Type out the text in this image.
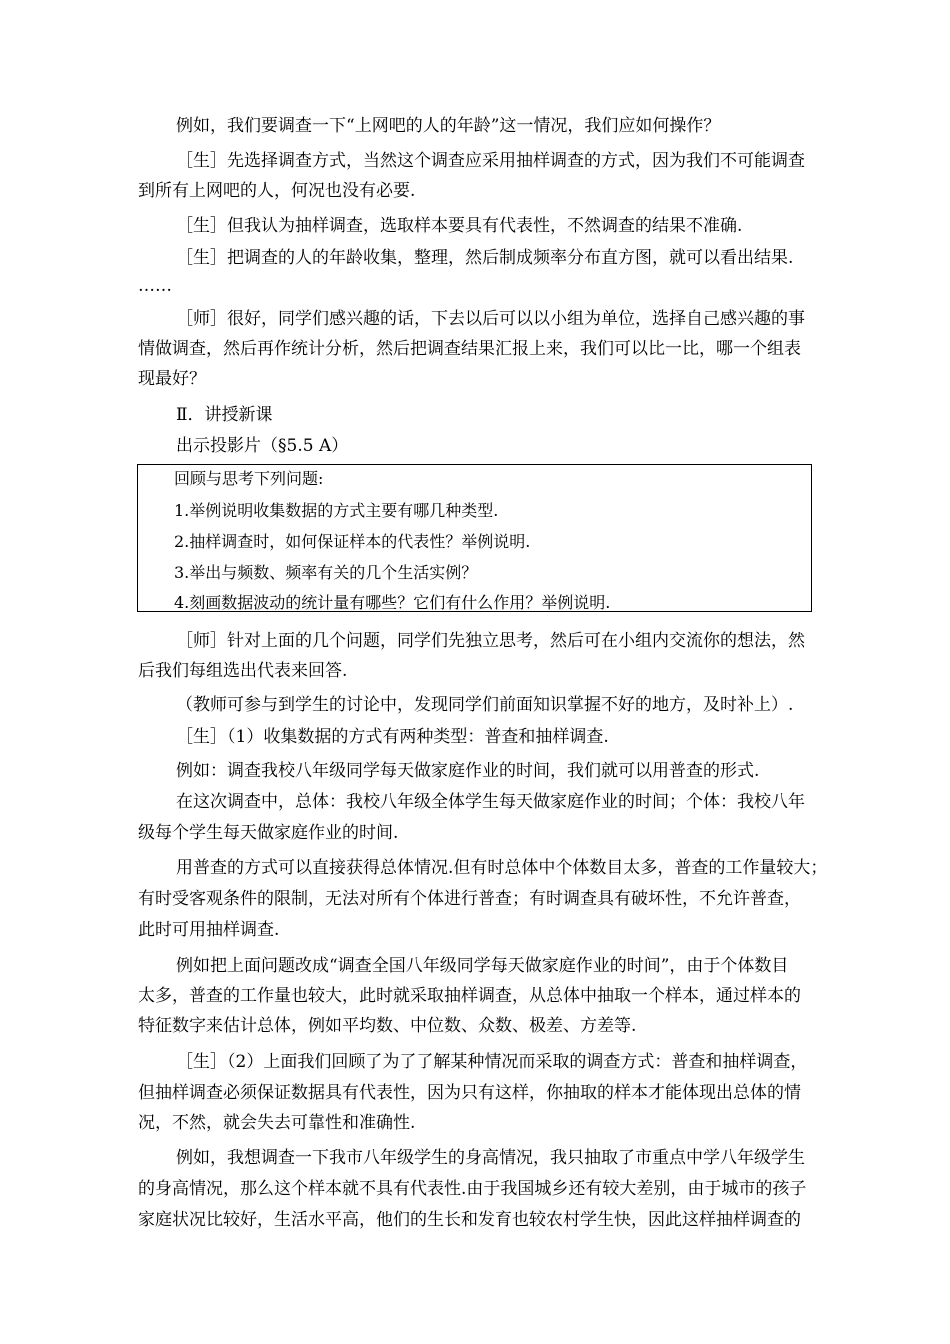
例如，我们要调查一下“上网吧的人的年龄”这一情况，我们应如何操作？
［生］先选择调查方式，当然这个调查应采用抽样调查的方式，因为我们不可能调查
到所有上网吧的人，何况也没有必要.
［生］但我认为抽样调查，选取样本要具有代表性，不然调查的结果不准确.
［生］把调查的人的年龄收集，整理，然后制成频率分布直方图，就可以看出结果.
……
［师］很好，同学们感兴趣的话，下去以后可以以小组为单位，选择自己感兴趣的事
情做调查，然后再作统计分析，然后把调查结果汇报上来，我们可以比一比，哪一个组表
现最好？
Ⅱ．讲授新课
出示投影片（§5.5 A）
回顾与思考下列问题:
1.举例说明收集数据的方式主要有哪几种类型.
2.抽样调查时，如何保证样本的代表性？举例说明.
3.举出与频数、频率有关的几个生活实例？
4.刻画数据波动的统计量有哪些？它们有什么作用？举例说明.
［师］针对上面的几个问题，同学们先独立思考，然后可在小组内交流你的想法，然
后我们每组选出代表来回答.
（教师可参与到学生的讨论中，发现同学们前面知识掌握不好的地方，及时补上）.
［生］（1）收集数据的方式有两种类型：普查和抽样调查.
例如：调查我校八年级同学每天做家庭作业的时间，我们就可以用普查的形式.
在这次调查中，总体：我校八年级全体学生每天做家庭作业的时间；个体：我校八年
级每个学生每天做家庭作业的时间.
用普查的方式可以直接获得总体情况.但有时总体中个体数目太多，普查的工作量较大；
有时受客观条件的限制，无法对所有个体进行普查；有时调查具有破坏性，不允许普查，
此时可用抽样调查.
例如把上面问题改成“调查全国八年级同学每天做家庭作业的时间”，由于个体数目
太多，普查的工作量也较大，此时就采取抽样调查，从总体中抽取一个样本，通过样本的
特征数字来估计总体，例如平均数、中位数、众数、极差、方差等.
［生］（2）上面我们回顾了为了了解某种情况而采取的调查方式：普查和抽样调查，
但抽样调查必须保证数据具有代表性，因为只有这样，你抽取的样本才能体现出总体的情
况，不然，就会失去可靠性和准确性.
例如，我想调查一下我市八年级学生的身高情况，我只抽取了市重点中学八年级学生
的身高情况，那么这个样本就不具有代表性.由于我国城乡还有较大差别，由于城市的孩子
家庭状况比较好，生活水平高，他们的生长和发育也较农村学生快，因此这样抽样调查的
